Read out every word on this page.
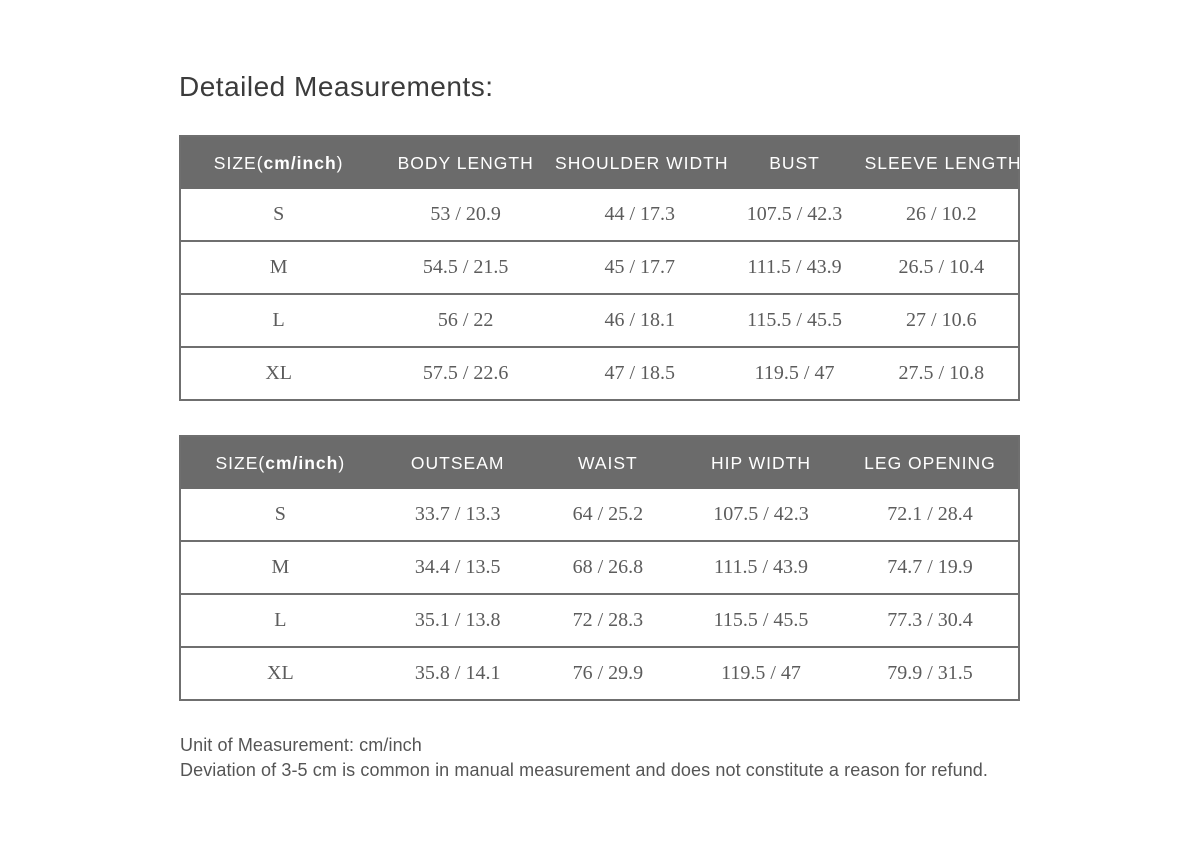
Detailed Measurements:
SIZE(cm/inch)	BODY LENGTH	SHOULDER WIDTH	BUST	SLEEVE LENGTH
S	53 / 20.9	44 / 17.3	107.5 / 42.3	26 / 10.2
M	54.5 / 21.5	45 / 17.7	111.5 / 43.9	26.5 / 10.4
L	56 / 22	46 / 18.1	115.5 / 45.5	27 / 10.6
XL	57.5 / 22.6	47 / 18.5	119.5 / 47	27.5 / 10.8
SIZE(cm/inch)	OUTSEAM	WAIST	HIP WIDTH	LEG OPENING
S	33.7 / 13.3	64 / 25.2	107.5 / 42.3	72.1 / 28.4
M	34.4 / 13.5	68 / 26.8	111.5 / 43.9	74.7 / 19.9
L	35.1 / 13.8	72 / 28.3	115.5 / 45.5	77.3 / 30.4
XL	35.8 / 14.1	76 / 29.9	119.5 / 47	79.9 / 31.5
Unit of Measurement: cm/inch
Deviation of 3-5 cm is common in manual measurement and does not constitute a reason for refund.
